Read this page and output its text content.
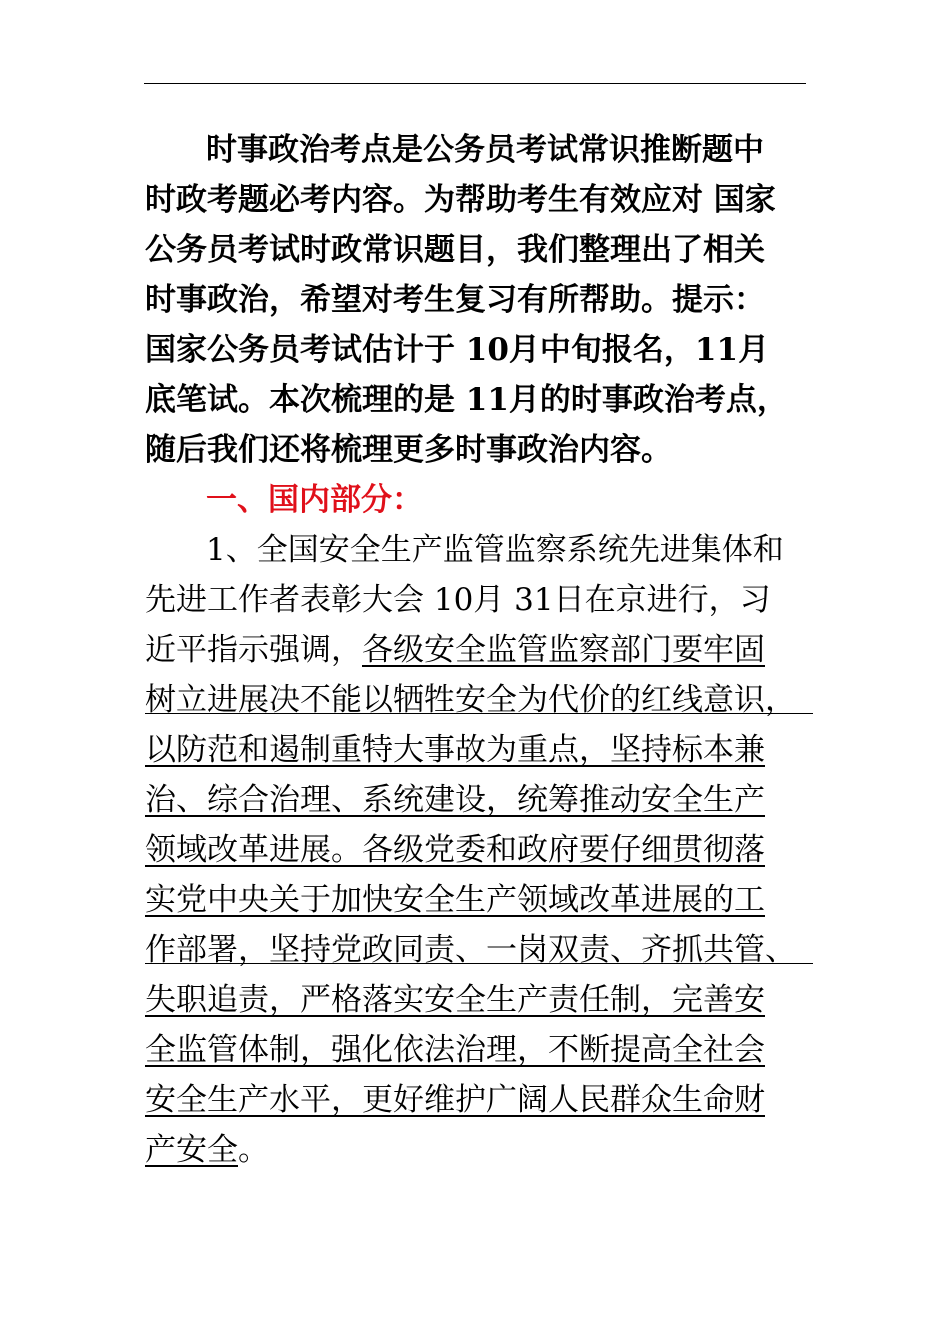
时事政治考点是公务员考试常识推断题中
时政考题必考内容。为帮助考生有效应对 国家
公务员考试时政常识题目，我们整理出了相关
时事政治，希望对考生复习有所帮助。提示：
国家公务员考试估计于 10月中旬报名，11月
底笔试。本次梳理的是 11月的时事政治考点，
随后我们还将梳理更多时事政治内容。
一、国内部分：
1、全国安全生产监管监察系统先进集体和
先进工作者表彰大会 10月 31日在京进行，习
近平指示强调，各级安全监管监察部门要牢固
树立进展决不能以牺牲安全为代价的红线意识，
以防范和遏制重特大事故为重点，坚持标本兼
治、综合治理、系统建设，统筹推动安全生产
领域改革进展。各级党委和政府要仔细贯彻落
实党中央关于加快安全生产领域改革进展的工
作部署，坚持党政同责、一岗双责、齐抓共管、
失职追责，严格落实安全生产责任制，完善安
全监管体制，强化依法治理，不断提高全社会
安全生产水平，更好维护广阔人民群众生命财
产安全。
